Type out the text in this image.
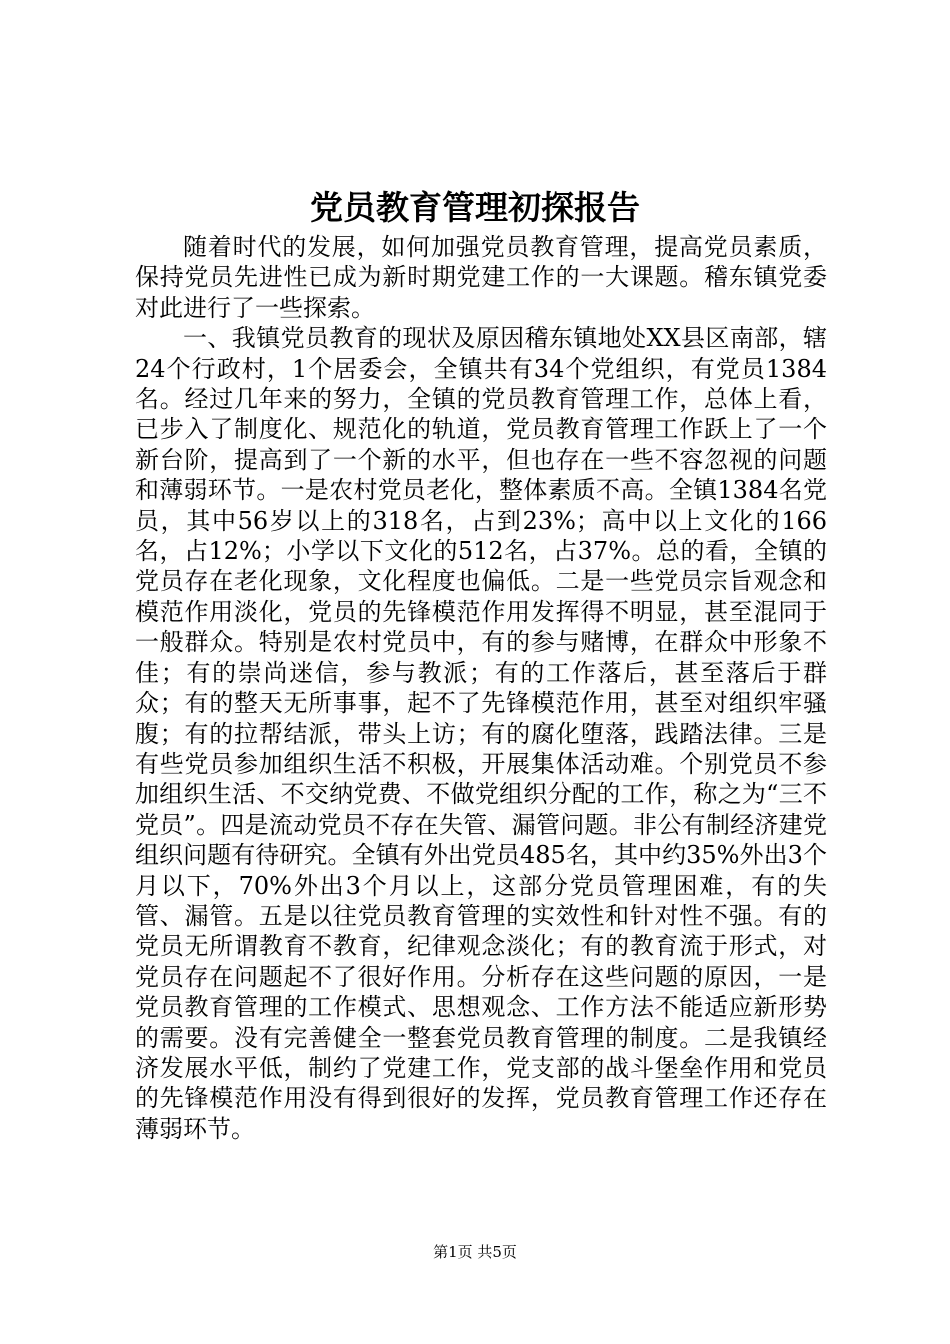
党员教育管理初探报告

随着时代的发展，如何加强党员教育管理，提高党员素质，保持党员先进性已成为新时期党建工作的一大课题。稽东镇党委对此进行了一些探索。

一、我镇党员教育的现状及原因稽东镇地处XX县区南部，辖24个行政村，1个居委会，全镇共有34个党组织，有党员1384名。经过几年来的努力，全镇的党员教育管理工作，总体上看，已步入了制度化、规范化的轨道，党员教育管理工作跃上了一个新台阶，提高到了一个新的水平，但也存在一些不容忽视的问题和薄弱环节。一是农村党员老化，整体素质不高。全镇1384名党员，其中56岁以上的318名，占到23%；高中以上文化的166名，占12%；小学以下文化的512名，占37%。总的看，全镇的党员存在老化现象，文化程度也偏低。二是一些党员宗旨观念和模范作用淡化，党员的先锋模范作用发挥得不明显，甚至混同于一般群众。特别是农村党员中，有的参与赌博，在群众中形象不佳；有的崇尚迷信，参与教派；有的工作落后，甚至落后于群众；有的整天无所事事，起不了先锋模范作用，甚至对组织牢骚腹；有的拉帮结派，带头上访；有的腐化堕落，践踏法律。三是有些党员参加组织生活不积极，开展集体活动难。个别党员不参加组织生活、不交纳党费、不做党组织分配的工作，称之为“三不党员”。四是流动党员不存在失管、漏管问题。非公有制经济建党组织问题有待研究。全镇有外出党员485名，其中约35%外出3个月以下，70%外出3个月以上，这部分党员管理困难，有的失管、漏管。五是以往党员教育管理的实效性和针对性不强。有的党员无所谓教育不教育，纪律观念淡化；有的教育流于形式，对党员存在问题起不了很好作用。分析存在这些问题的原因，一是党员教育管理的工作模式、思想观念、工作方法不能适应新形势的需要。没有完善健全一整套党员教育管理的制度。二是我镇经济发展水平低，制约了党建工作，党支部的战斗堡垒作用和党员的先锋模范作用没有得到很好的发挥，党员教育管理工作还存在薄弱环节。

第1页 共5页
